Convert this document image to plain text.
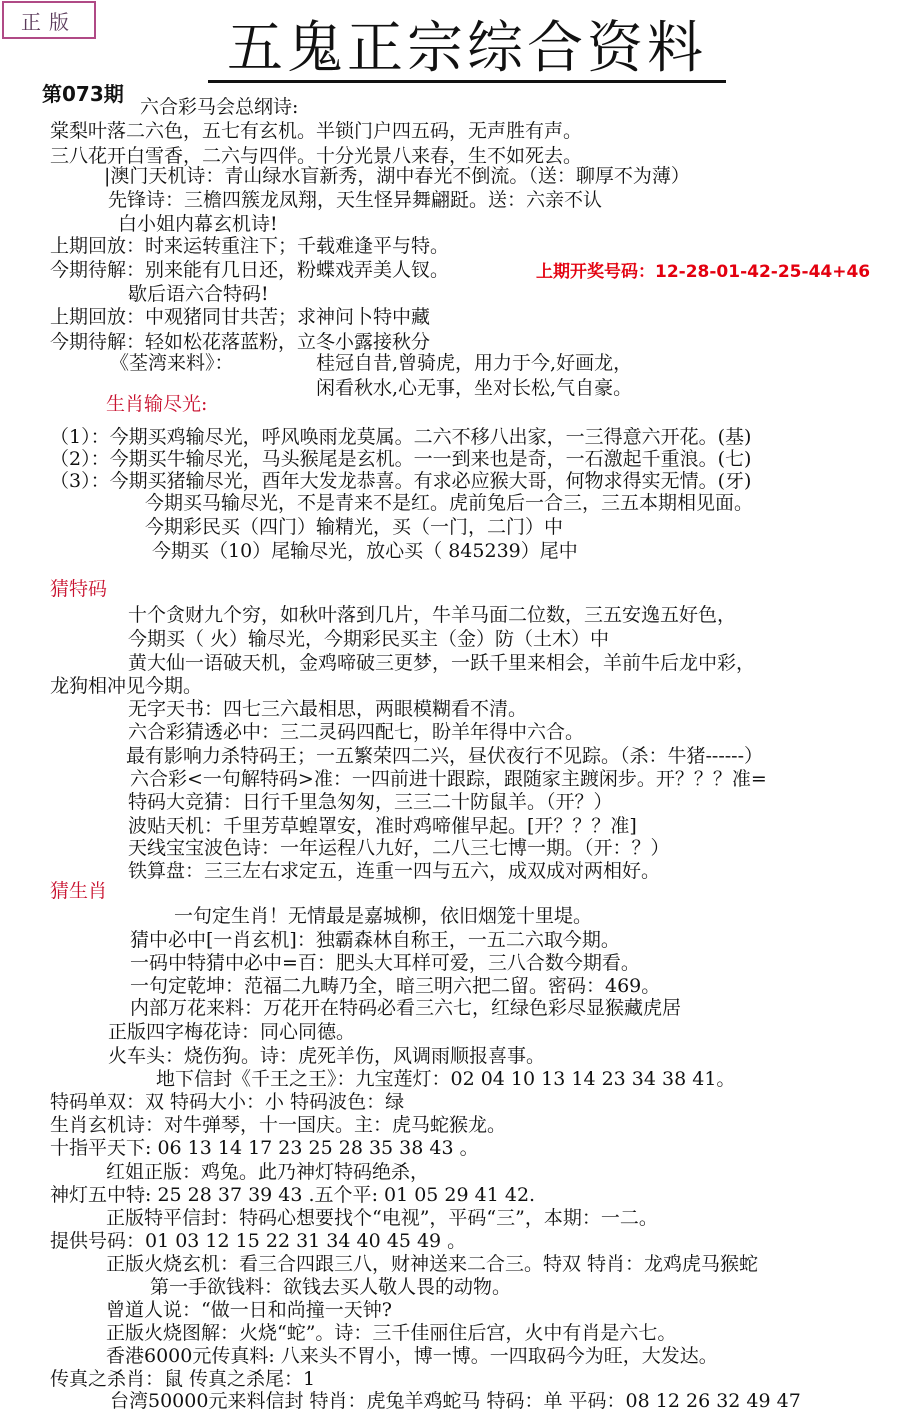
正版	五鬼正宗综合资料
第073期
上期开奖号码：12-28-01-42-25-44+46
生肖输尽光:
猜特码
猜生肖
六合彩马会总纲诗:
棠梨叶落二六色，五七有玄机。半锁门户四五码，无声胜有声。
三八花开白雪香，二六与四伴。十分光景八来春，生不如死去。
|澳门天机诗：青山绿水盲新秀，湖中春光不倒流。（送：聊厚不为薄）
先锋诗：三檐四簇龙凤翔，天生怪异舞翩跹。送：六亲不认
白小姐内幕玄机诗!
上期回放：时来运转重注下；千载难逢平与特。
今期待解：别来能有几日还，粉蝶戏弄美人钗。
歇后语六合特码!
上期回放：中观猪同甘共苦；求神问卜特中藏
今期待解：轻如松花落蓝粉，立冬小露接秋分
《荃湾来料》：	桂冠自昔,曾骑虎，用力于今,好画龙，
闲看秋水,心无事，坐对长松,气自豪。
（1）：今期买鸡输尽光，呼风唤雨龙莫属。二六不移八出家，一三得意六开花。(基)
（2）：今期买牛输尽光，马头猴尾是玄机。一一到来也是奇，一石激起千重浪。(七)
（3）：今期买猪输尽光，酉年大发龙恭喜。有求必应猴大哥，何物求得实无情。(牙)
今期买马输尽光，不是青来不是红。虎前兔后一合三，三五本期相见面。
今期彩民买（四门）输精光，买（一门，二门）中
今期买（10）尾输尽光，放心买（ 845239）尾中
十个贪财九个穷，如秋叶落到几片，牛羊马面二位数，三五安逸五好色，
今期买（ 火）输尽光，今期彩民买主（金）防（土木）中
黄大仙一语破天机，金鸡啼破三更梦，一跃千里来相会，羊前牛后龙中彩，
龙狗相冲见今期。
无字天书：四七三六最相思，两眼模糊看不清。
六合彩猜透必中：三二灵码四配七，盼羊年得中六合。
最有影响力杀特码王；一五繁荣四二兴，昼伏夜行不见踪。（杀：牛猪------）
六合彩<一句解特码>准：一四前进十跟踪，跟随家主踱闲步。开？？？准=
特码大竞猜：日行千里急匆匆，三三二十防鼠羊。（开？）
波贴天机：千里芳草蝗罩安，准时鸡啼催早起。[开？？？准]
天线宝宝波色诗：一年运程八九好，二八三七博一期。（开：？）
铁算盘：三三左右求定五，连重一四与五六，成双成对两相好。
一句定生肖！无情最是嘉城柳，依旧烟笼十里堤。
猜中必中[一肖玄机]：独霸森林自称王，一五二六取今期。
一码中特猜中必中=百：肥头大耳样可爱，三八合数今期看。
一句定乾坤：范福二九畴乃全，暗三明六把二留。密码：469。
内部万花来料：万花开在特码必看三六七，红绿色彩尽显猴藏虎居
正版四字梅花诗：同心同德。
火车头：烧伤狗。诗：虎死羊伤，风调雨顺报喜事。
地下信封《千王之王》：九宝莲灯：02 04 10 13 14 23 34 38 41。
特码单双：双 特码大小：小 特码波色：绿
生肖玄机诗：对牛弹琴，十一国庆。主：虎马蛇猴龙。
十指平天下: 06 13 14 17 23 25 28 35 38 43 。
红姐正版：鸡兔。此乃神灯特码绝杀，
神灯五中特: 25 28 37 39 43 .五个平: 01 05 29 41 42.
正版特平信封：特码心想要找个“电视”，平码“三”，本期：一二。
提供号码：01 03 12 15 22 31 34 40 45 49 。
正版火烧玄机：看三合四跟三八，财神送来二合三。特双 特肖：龙鸡虎马猴蛇
第一手欲钱料：欲钱去买人敬人畏的动物。
曾道人说：“做一日和尚撞一天钟?
正版火烧图解：火烧“蛇”。诗：三千佳丽住后宫，火中有肖是六七。
香港6000元传真料: 八来头不胃小，博一博。一四取码今为旺，大发达。
传真之杀肖：鼠 传真之杀尾：1
台湾50000元来料信封 特肖：虎兔羊鸡蛇马 特码：单 平码：08 12 26 32 49 47
